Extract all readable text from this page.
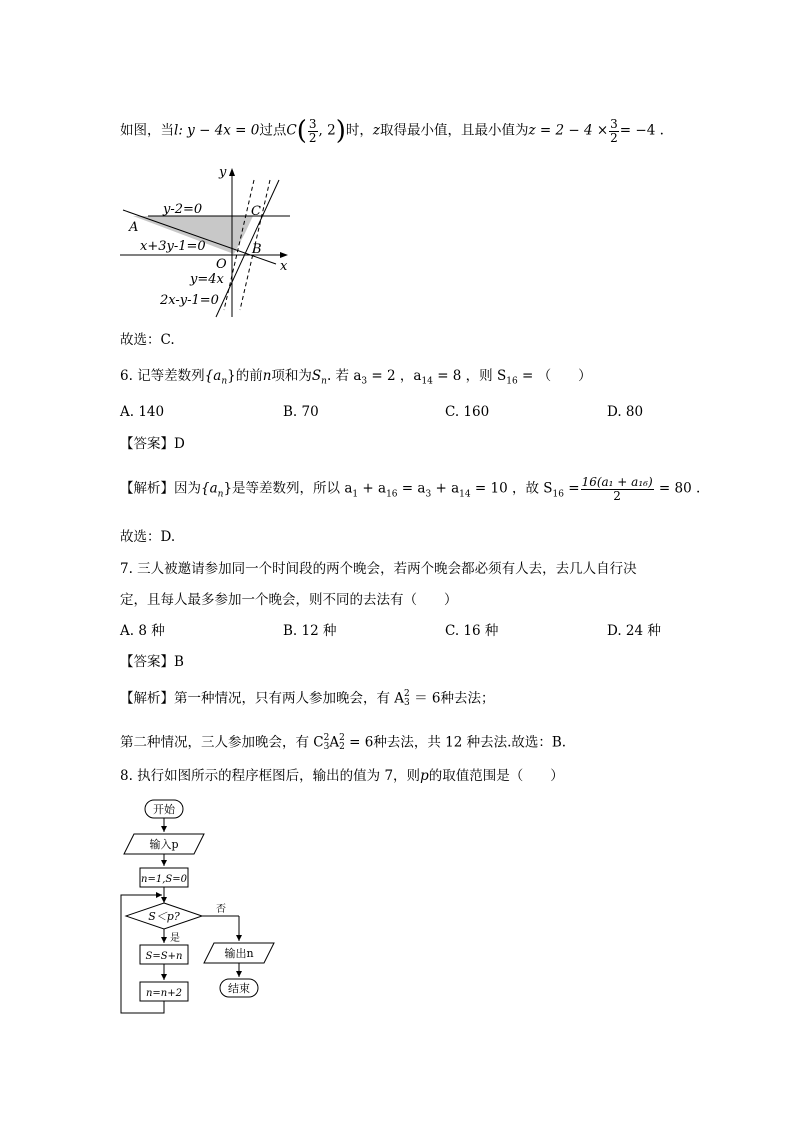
如图，当l: y − 4x = 0过点$C( \frac{3}{2}$ , 2)时，z取得最小值，且最小值为$z = 2 - 4 \times \frac{3}{2} = -4$ .
y
x
O
A
B
C
y-2=0
x+3y-1=0
y=4x
2x-y-1=0
故选：C.
6. 记等差数列$\{a_n\}$的前n项和为$S_n$. 若 $a_3 = 2$ ，$a_{14} = 8$ ，则 $S_{16}$ = （　　）
A. 140	B. 70	C. 160	D. 80
【答案】D
【解析】因为$\{a_n\}$是等差数列，所以 $a_1 + a_{16} = a_3 + a_{14} = 10$ ，故 $S_{16} = \frac{\text{16(a₁ + a₁₆)}}{2} = 80$ .
故选：D.
7. 三人被邀请参加同一个时间段的两个晚会，若两个晚会都必须有人去，去几人自行决
定，且每人最多参加一个晚会，则不同的去法有（　　）
A. 8 种	B. 12 种	C. 16 种	D. 24 种
【答案】B
【解析】第一种情况，只有两人参加晚会，有 A 2
3 ＝ 6种去法；
第二种情况，三人参加晚会，有 C 2
3 A 2
2 = 6种去法，共 12 种去法.故选：B.
8. 执行如图所示的程序框图后，输出的值为 7，则p的取值范围是（　　）
开始
输入p
n=1,S=0
S＜p?
否
是
S=S+n
n=n+2
输出n
结束
